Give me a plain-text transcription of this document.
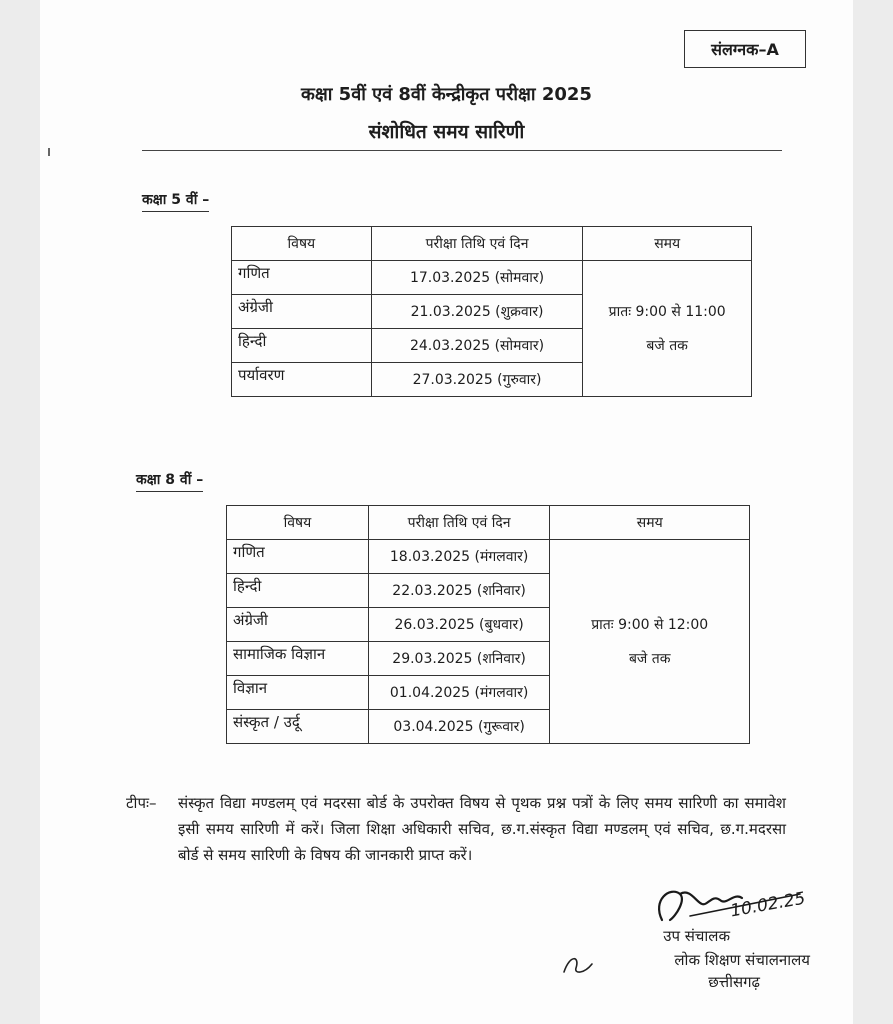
संलग्नक–A
कक्षा 5वीं एवं 8वीं केन्द्रीकृत परीक्षा 2025
संशोधित समय सारिणी
कक्षा 5 वीं –
विषय	परीक्षा तिथि एवं दिन	समय
गणित	17.03.2025 (सोमवार)	प्रातः 9:00 से 11:00
बजे तक

अंग्रेजी	21.03.2025 (शुक्रवार)	
हिन्दी	24.03.2025 (सोमवार)	
पर्यावरण	27.03.2025 (गुरुवार)	
कक्षा 8 वीं –
विषय	परीक्षा तिथि एवं दिन	समय
गणित	18.03.2025 (मंगलवार)	प्रातः 9:00 से 12:00
बजे तक

हिन्दी	22.03.2025 (शनिवार)	
अंग्रेजी	26.03.2025 (बुधवार)	
सामाजिक विज्ञान	29.03.2025 (शनिवार)	
विज्ञान	01.04.2025 (मंगलवार)	
संस्कृत / उर्दू	03.04.2025 (गुरूवार)	
टीपः– संस्कृत विद्या मण्डलम् एवं मदरसा बोर्ड के उपरोक्त विषय से पृथक प्रश्न पत्रों के लिए समय सारिणी का समावेश इसी समय सारिणी में करें। जिला शिक्षा अधिकारी सचिव, छ.ग.संस्कृत विद्या मण्डलम् एवं सचिव, छ.ग.मदरसा बोर्ड से समय सारिणी के विषय की जानकारी प्राप्त करें।
10.02.25
उप संचालक
लोक शिक्षण संचालनालय
छत्तीसगढ़
